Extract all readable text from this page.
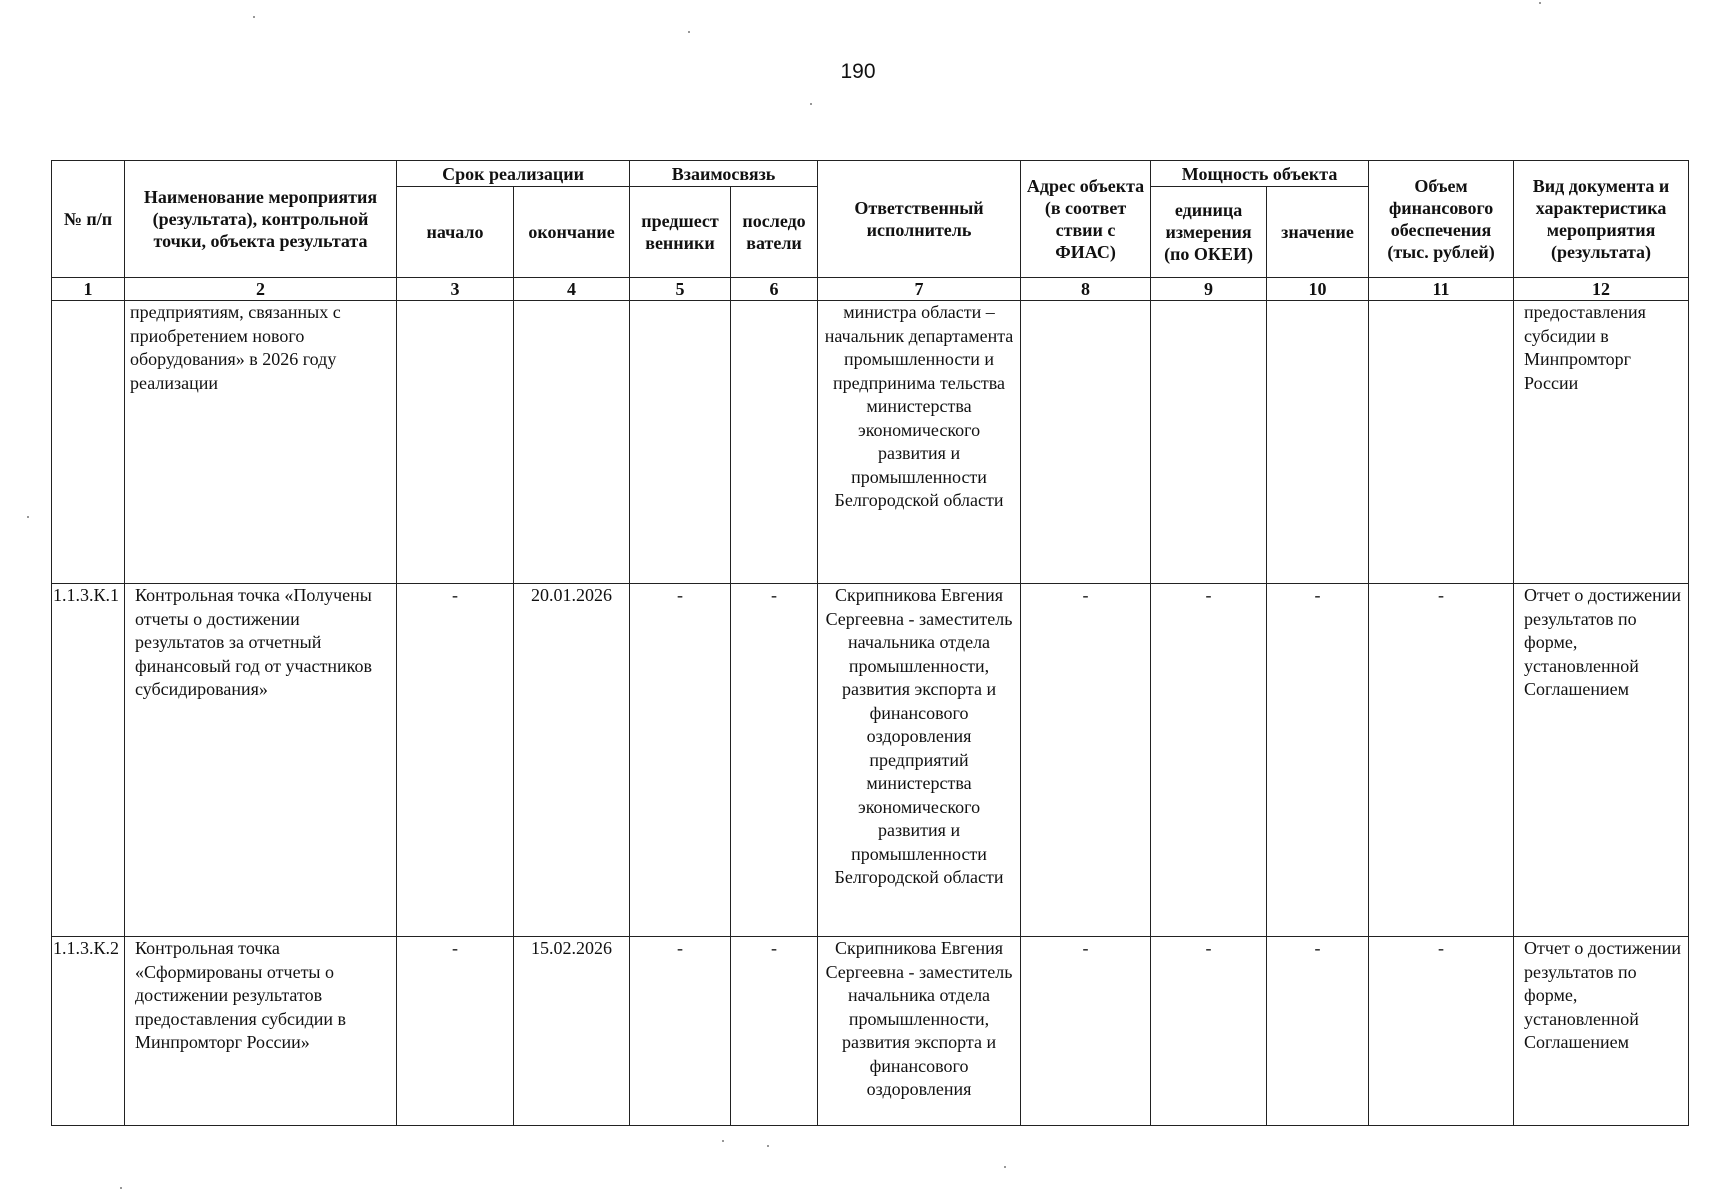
190
№ п/п	Наименование мероприятия (результата), контрольной точки, объекта результата	Срок реализации		Взаимосвязь		Ответственный исполнитель	Адрес объекта (в соответ ствии с ФИАС)	Мощность объекта		Объем финансового обеспечения (тыс. рублей)	Вид документа и характеристика мероприятия (результата)
		начало	окончание	предшест венники	последо ватели			единица измерения (по ОКЕИ)	значение		
1	2	3	4	5	6	7	8	9	10	11	12
	предприятиям, связанных с приобретением нового оборудования» в 2026 году реализации					министра области – начальник департамента промышленности и предпринима тельства министерства экономического развития и промышленности Белгородской области					предоставления субсидии в Минпромторг России
1.1.3.К.1	Контрольная точка «Получены отчеты о достижении результатов за отчетный финансовый год от участников субсидирования»	-	20.01.2026	-	-	Скрипникова Евгения Сергеевна - заместитель начальника отдела промышленности, развития экспорта и финансового оздоровления предприятий министерства экономического развития и промышленности Белгородской области	-	-	-	-	Отчет о достижении результатов по форме, установленной Соглашением
1.1.3.К.2	Контрольная точка «Сформированы отчеты о достижении результатов предоставления субсидии в Минпромторг России»	-	15.02.2026	-	-	Скрипникова Евгения Сергеевна - заместитель начальника отдела промышленности, развития экспорта и финансового оздоровления	-	-	-	-	Отчет о достижении результатов по форме, установленной Соглашением
